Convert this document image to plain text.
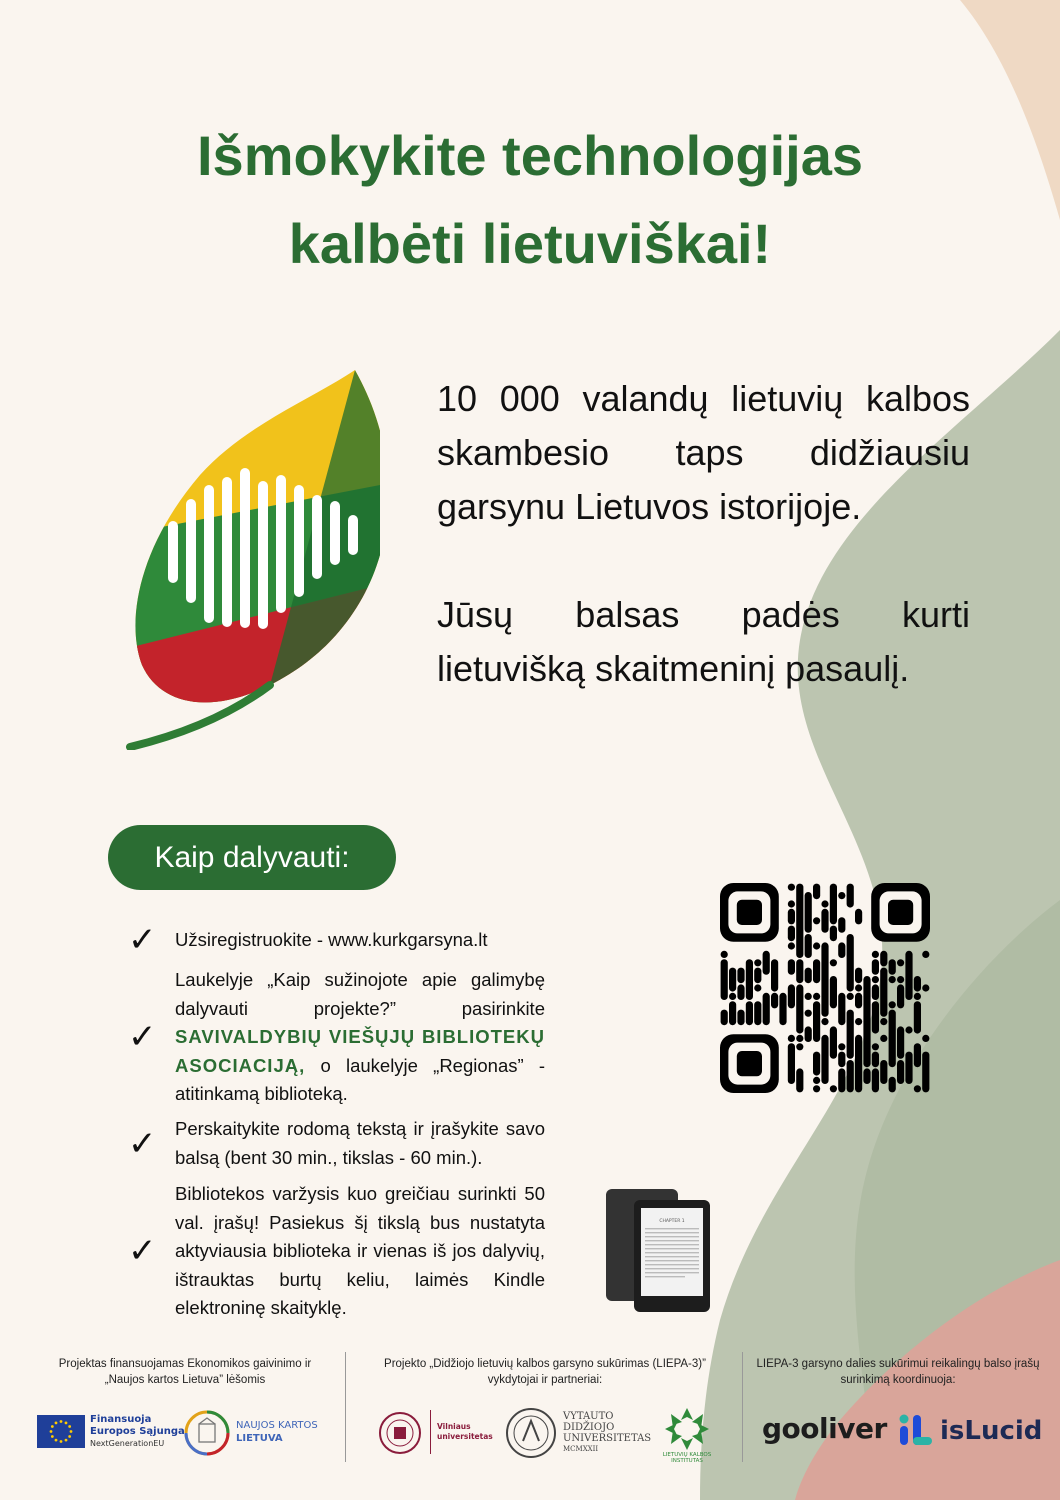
Išmokykite technologijas
kalbėti lietuviškai!

10 000 valandų lietuvių kalbos skambesio taps didžiausiu garsynu Lietuvos istorijoje.

Jūsų balsas padės kurti lietuvišką skaitmeninį pasaulį.

Kaip dalyvauti:
✓ Užsiregistruokite - www.kurkgarsyna.lt
✓
Laukelyje „Kaip sužinojote apie galimybę dalyvauti projekte?” pasirinkite SAVIVALDYBIŲ VIEŠŲJŲ BIBLIOTEKŲ ASOCIACIJĄ, o laukelyje „Regionas” - atitinkamą biblioteką.
✓ Perskaitykite rodomą tekstą ir įrašykite savo balsą (bent 30 min., tikslas - 60 min.).
✓
Bibliotekos varžysis kuo greičiau surinkti 50 val. įrašų! Pasiekus šį tikslą bus nustatyta aktyviausia biblioteka ir vienas iš jos dalyvių, ištrauktas burtų keliu, laimės Kindle elektroninę skaityklę.
CHAPTER 1
Projektas finansuojamas Ekonomikos gaivinimo ir
„Naujos kartos Lietuva” lėšomis
Projekto „Didžiojo lietuvių kalbos garsyno sukūrimas (LIEPA-3)”
vykdytojai ir partneriai:
LIEPA-3 garsyno dalies sukūrimui reikalingų balso įrašų
surinkimą koordinuoja:
Finansuoja
Europos Sąjunga
NextGenerationEU
NAUJOS KARTOS
LIETUVA
Vilniaus
universitetas
VYTAUTO
DIDŽIOJO
UNIVERSITETAS
MCMXXII
LIETUVIŲ KALBOS INSTITUTAS
gooliver isLucid
